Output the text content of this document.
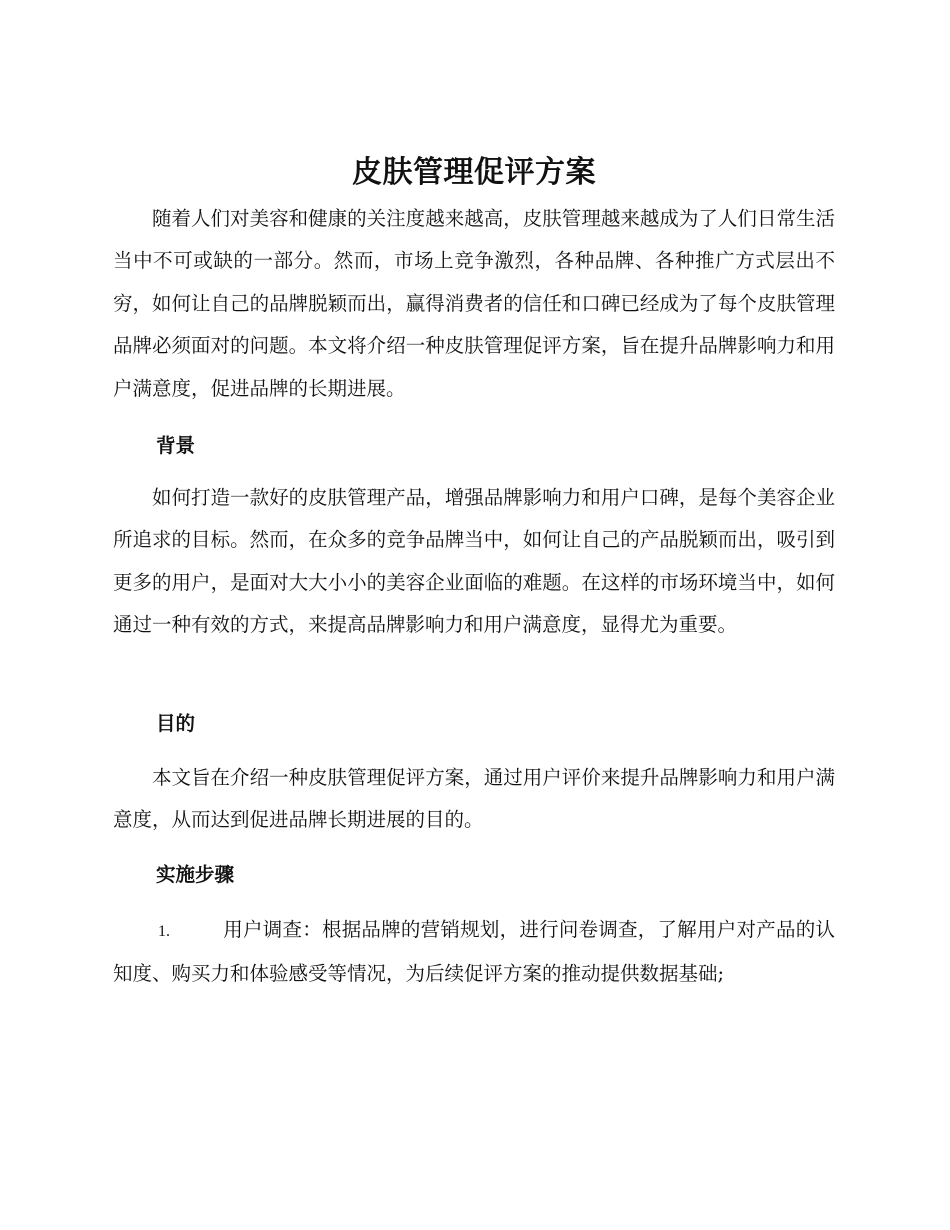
皮肤管理促评方案

随着人们对美容和健康的关注度越来越高，皮肤管理越来越成为了人们日常生活当中不可或缺的一部分。然而，市场上竞争激烈，各种品牌、各种推广方式层出不穷，如何让自己的品牌脱颖而出，赢得消费者的信任和口碑已经成为了每个皮肤管理品牌必须面对的问题。本文将介绍一种皮肤管理促评方案，旨在提升品牌影响力和用户满意度，促进品牌的长期进展。

背景

如何打造一款好的皮肤管理产品，增强品牌影响力和用户口碑，是每个美容企业所追求的目标。然而，在众多的竞争品牌当中，如何让自己的产品脱颖而出，吸引到更多的用户，是面对大大小小的美容企业面临的难题。在这样的市场环境当中，如何通过一种有效的方式，来提高品牌影响力和用户满意度，显得尤为重要。

目的

本文旨在介绍一种皮肤管理促评方案，通过用户评价来提升品牌影响力和用户满意度，从而达到促进品牌长期进展的目的。

实施步骤

1.	用户调查：根据品牌的营销规划，进行问卷调查，了解用户对产品的认知度、购买力和体验感受等情况，为后续促评方案的推动提供数据基础;
